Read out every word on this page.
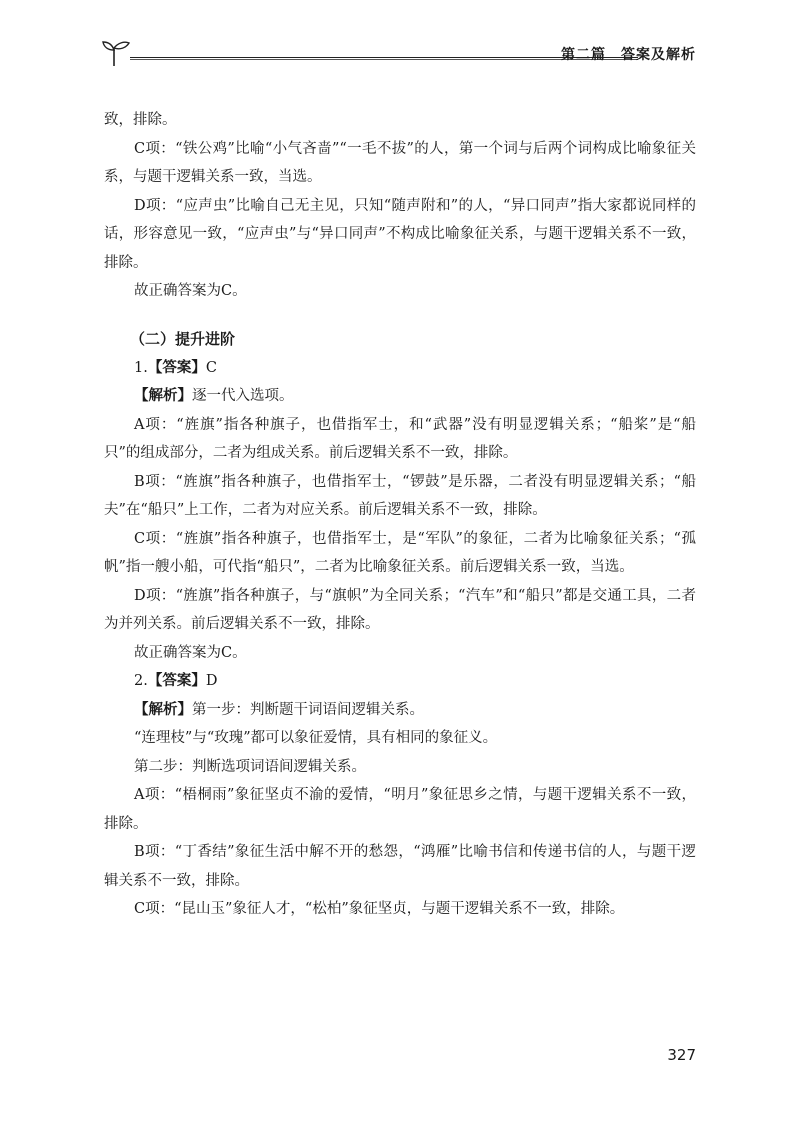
第二篇　答案及解析

致，排除。

C项：“铁公鸡”比喻“小气吝啬”“一毛不拔”的人，第一个词与后两个词构成比喻象征关系，与题干逻辑关系一致，当选。

D项：“应声虫”比喻自己无主见，只知“随声附和”的人，“异口同声”指大家都说同样的话，形容意见一致，“应声虫”与“异口同声”不构成比喻象征关系，与题干逻辑关系不一致，排除。

故正确答案为C。

（二）提升进阶

1.【答案】C

【解析】逐一代入选项。

A项：“旌旗”指各种旗子，也借指军士，和“武器”没有明显逻辑关系；“船桨”是“船只”的组成部分，二者为组成关系。前后逻辑关系不一致，排除。

B项：“旌旗”指各种旗子，也借指军士，“锣鼓”是乐器，二者没有明显逻辑关系；“船夫”在“船只”上工作，二者为对应关系。前后逻辑关系不一致，排除。

C项：“旌旗”指各种旗子，也借指军士，是“军队”的象征，二者为比喻象征关系；“孤帆”指一艘小船，可代指“船只”，二者为比喻象征关系。前后逻辑关系一致，当选。

D项：“旌旗”指各种旗子，与“旗帜”为全同关系；“汽车”和“船只”都是交通工具，二者为并列关系。前后逻辑关系不一致，排除。

故正确答案为C。

2.【答案】D

【解析】第一步：判断题干词语间逻辑关系。

“连理枝”与“玫瑰”都可以象征爱情，具有相同的象征义。

第二步：判断选项词语间逻辑关系。

A项：“梧桐雨”象征坚贞不渝的爱情，“明月”象征思乡之情，与题干逻辑关系不一致，排除。

B项：“丁香结”象征生活中解不开的愁怨，“鸿雁”比喻书信和传递书信的人，与题干逻辑关系不一致，排除。

C项：“昆山玉”象征人才，“松柏”象征坚贞，与题干逻辑关系不一致，排除。

327
